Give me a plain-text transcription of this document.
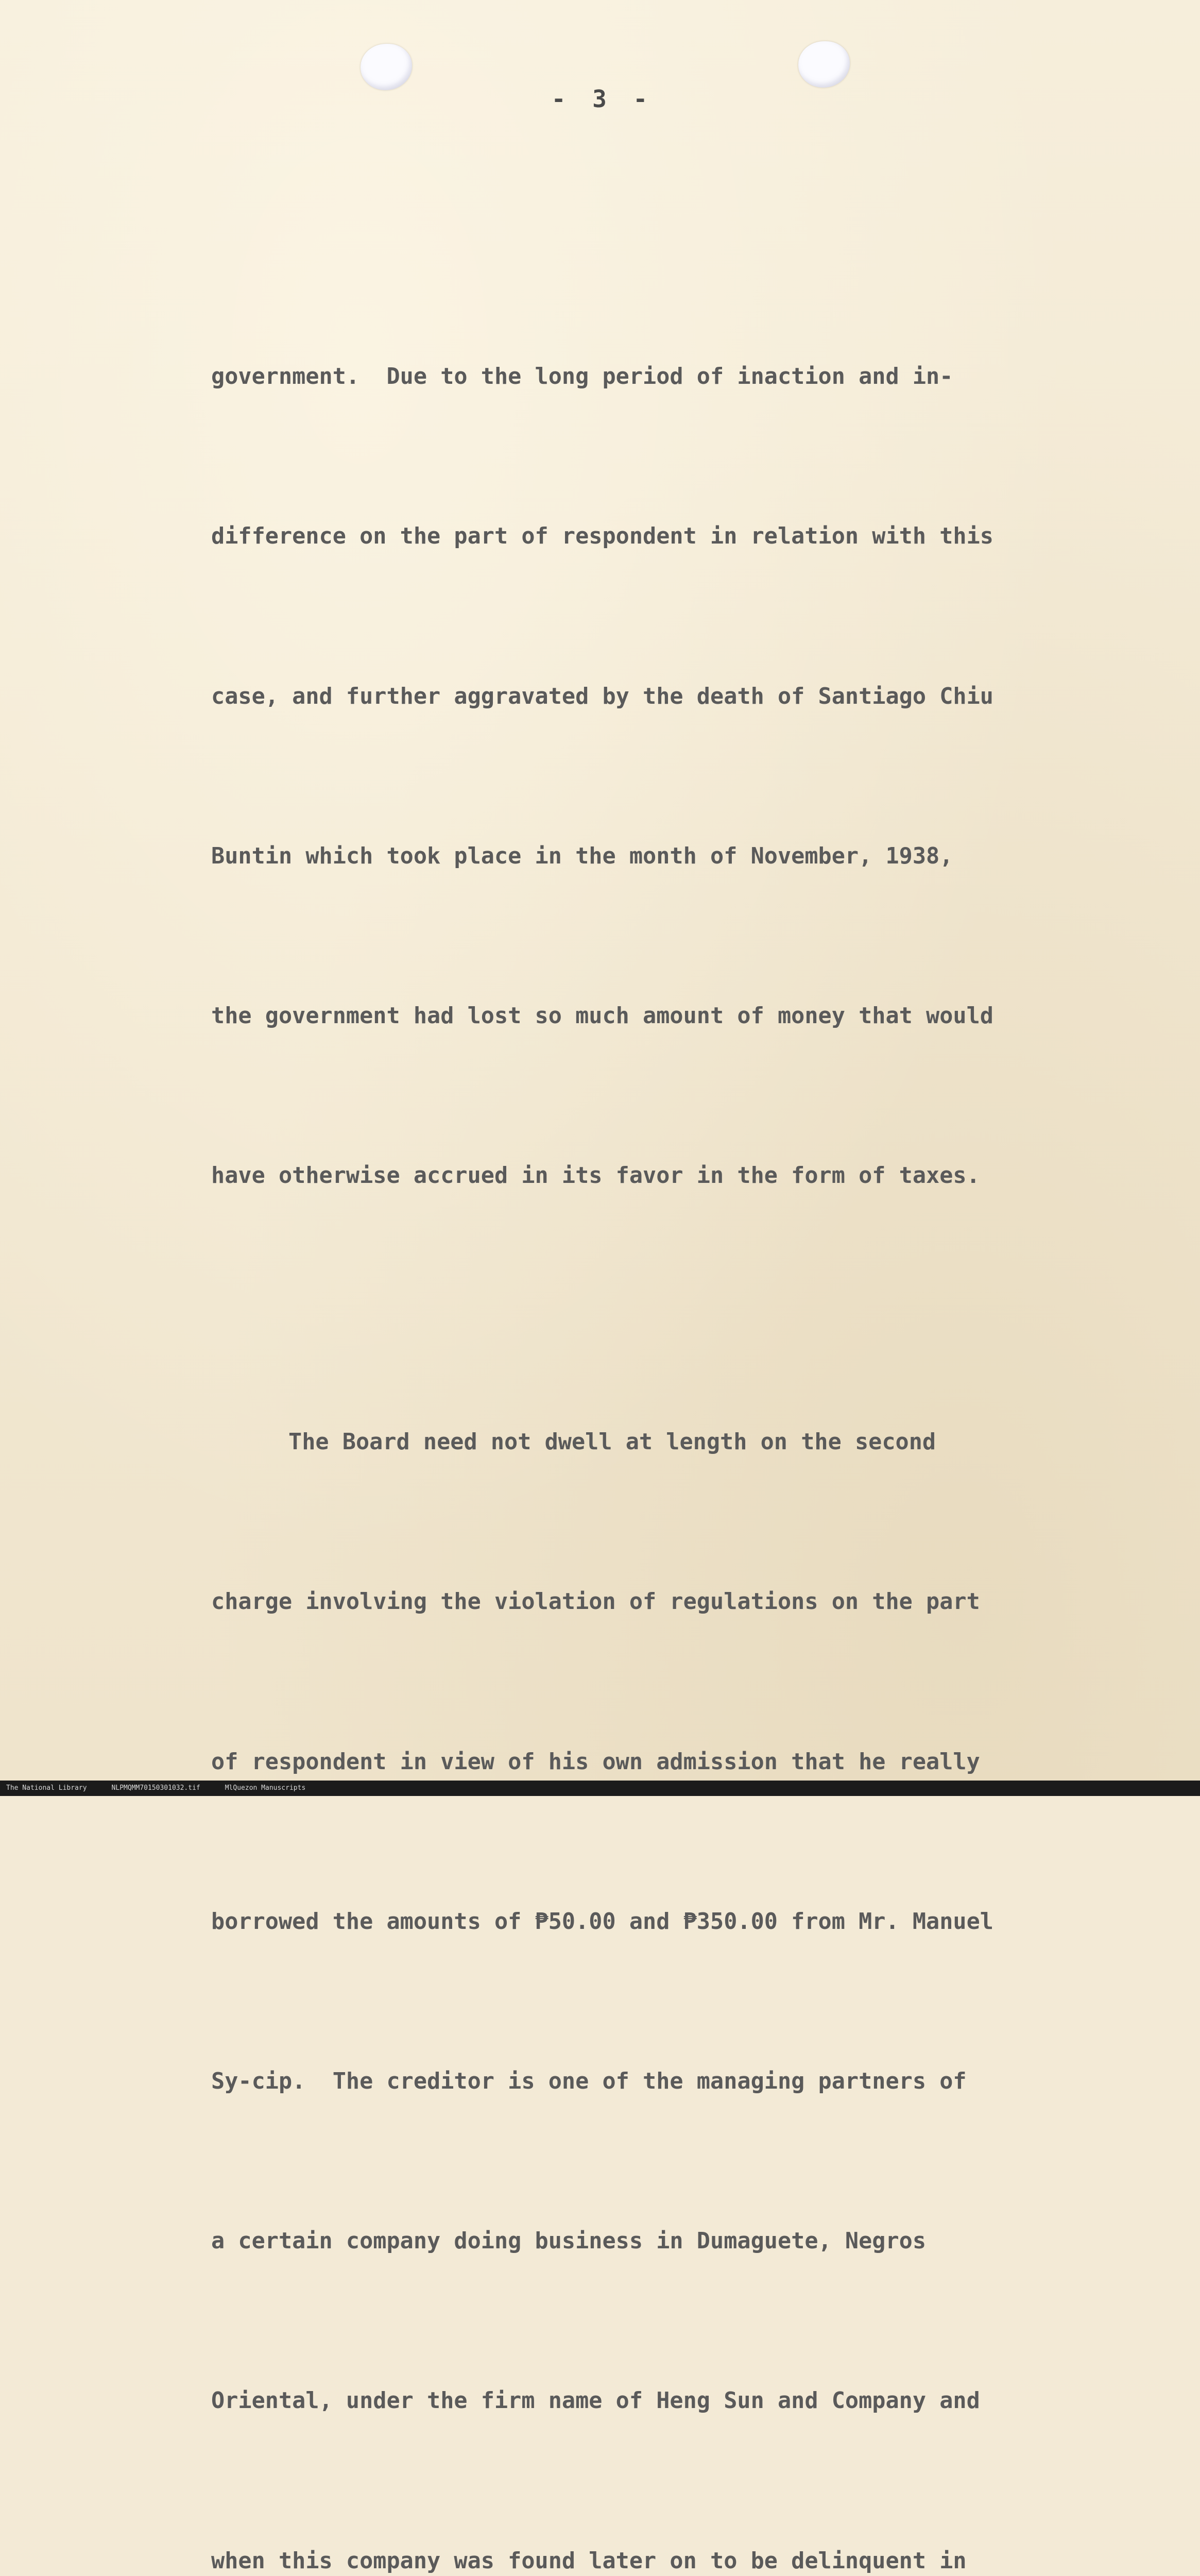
- 3 -

government.  Due to the long period of inaction and in-

difference on the part of respondent in relation with this

case, and further aggravated by the death of Santiago Chiu

Buntin which took place in the month of November, 1938,

the government had lost so much amount of money that would

have otherwise accrued in its favor in the form of taxes.

The Board need not dwell at length on the second

charge involving the violation of regulations on the part

of respondent in view of his own admission that he really

borrowed the amounts of ₱50.00 and ₱350.00 from Mr. Manuel

Sy-cip.  The creditor is one of the managing partners of

a certain company doing business in Dumaguete, Negros

Oriental, under the firm name of Heng Sun and Company and

when this company was found later on to be delinquent in

The National Library	NLPMQMM70150301032.tif	MlQuezon Manuscripts
